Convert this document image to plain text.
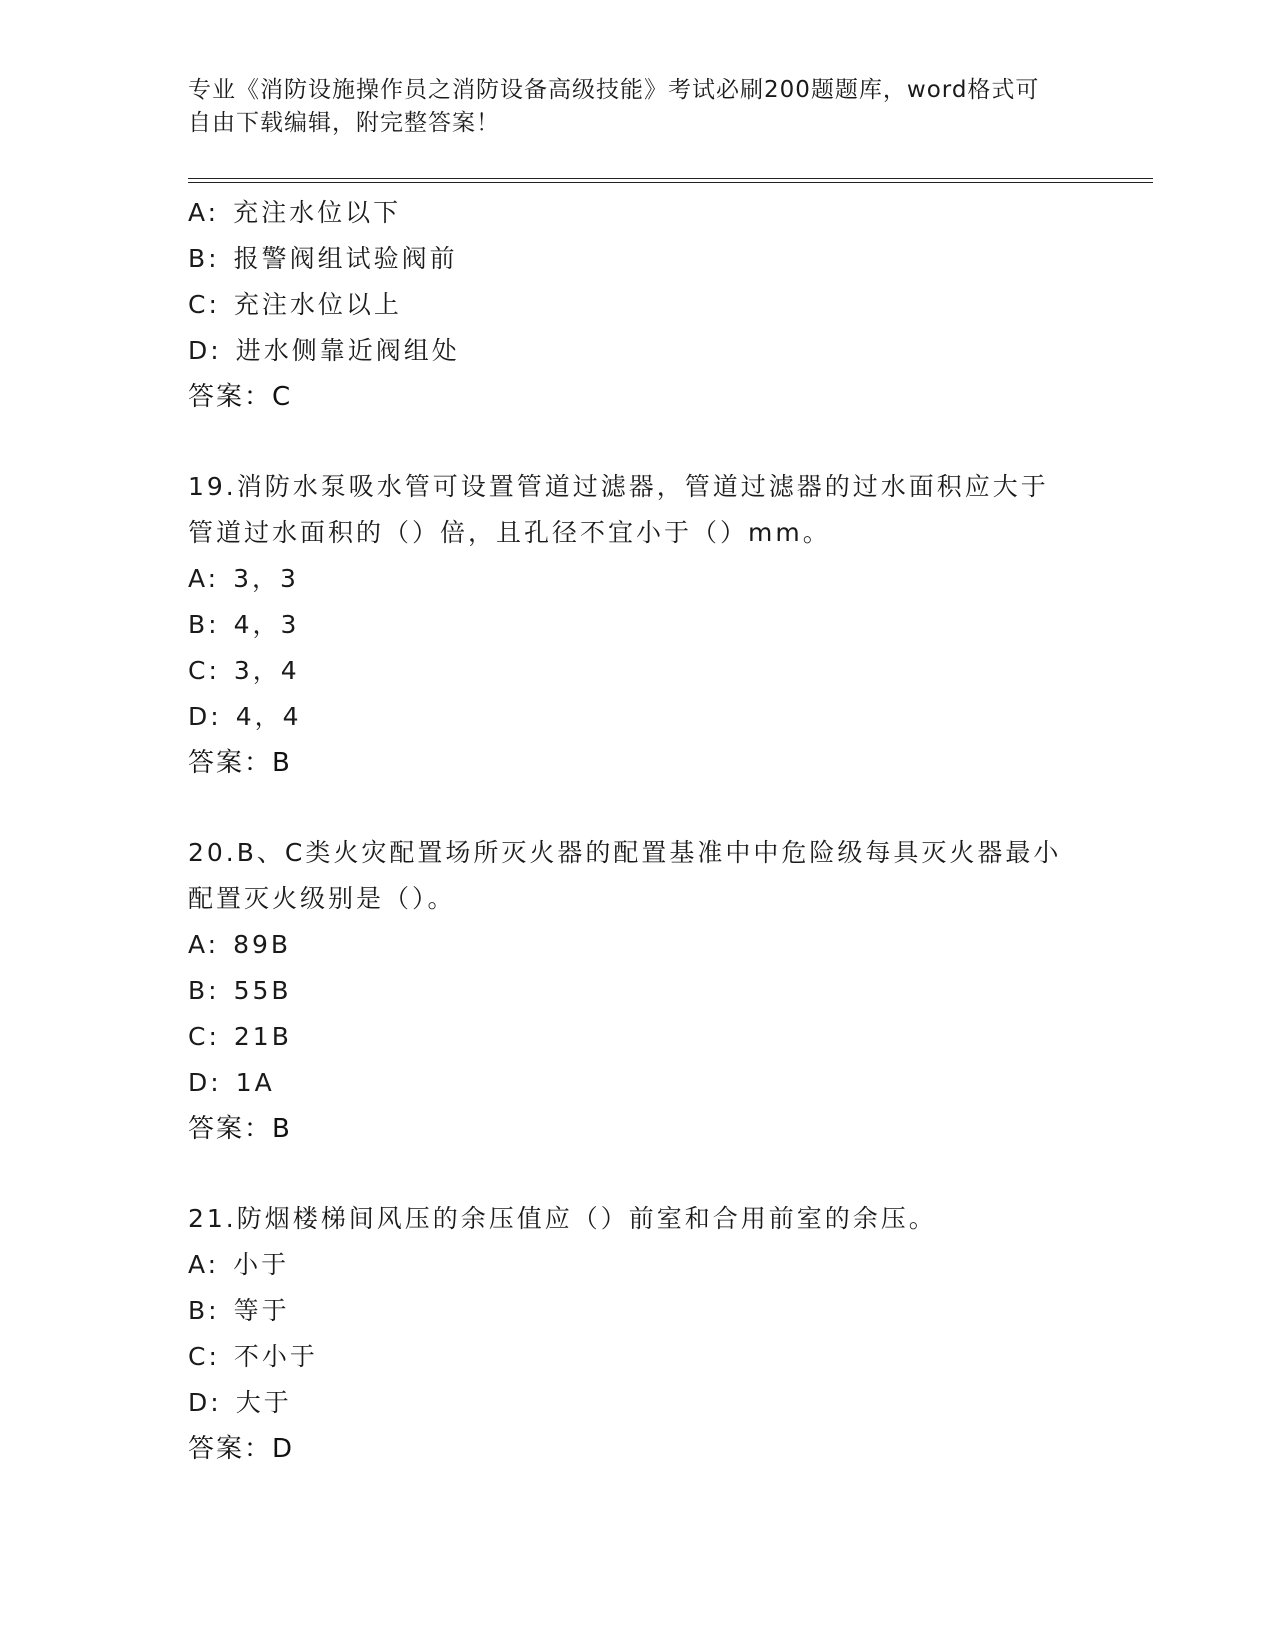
专业《消防设施操作员之消防设备高级技能》考试必刷200题题库，word格式可
自由下载编辑，附完整答案！
A: 充注水位以下
B: 报警阀组试验阀前
C: 充注水位以上
D: 进水侧靠近阀组处
答案：C
19.消防水泵吸水管可设置管道过滤器，管道过滤器的过水面积应大于
管道过水面积的（）倍，且孔径不宜小于（）mm。
A: 3，3
B: 4，3
C: 3，4
D: 4，4
答案：B
20.B、C类火灾配置场所灭火器的配置基准中中危险级每具灭火器最小
配置灭火级别是（）。
A: 89B
B: 55B
C: 21B
D: 1A
答案：B
21.防烟楼梯间风压的余压值应（）前室和合用前室的余压。
A: 小于
B: 等于
C: 不小于
D: 大于
答案：D
